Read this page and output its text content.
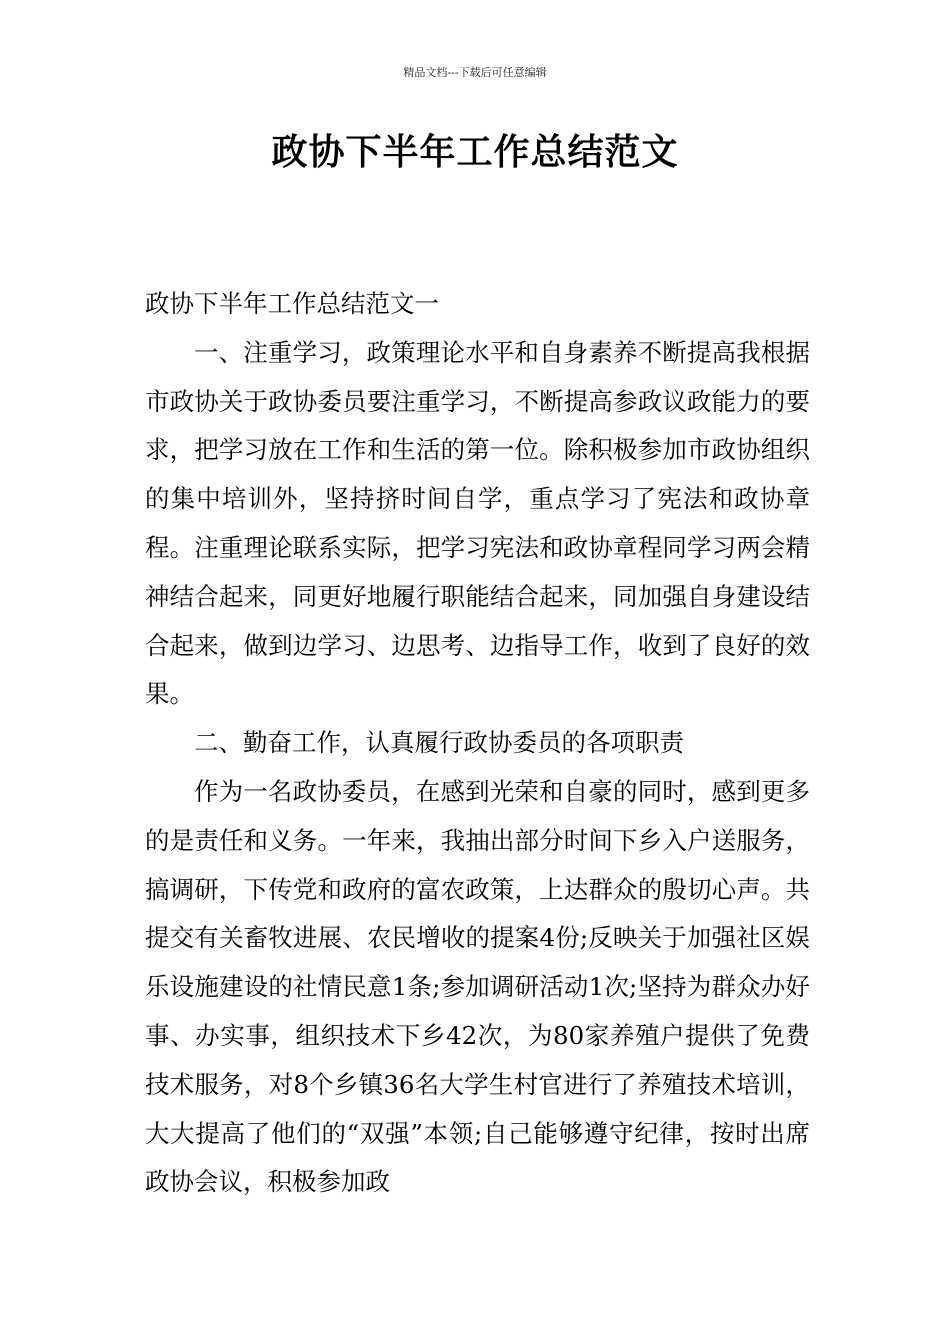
精品文档---下载后可任意编辑
政协下半年工作总结范文

政协下半年工作总结范文一

一、注重学习，政策理论水平和自身素养不断提高我根据市政协关于政协委员要注重学习，不断提高参政议政能力的要求，把学习放在工作和生活的第一位。除积极参加市政协组织的集中培训外，坚持挤时间自学，重点学习了宪法和政协章程。注重理论联系实际，把学习宪法和政协章程同学习两会精神结合起来，同更好地履行职能结合起来，同加强自身建设结合起来，做到边学习、边思考、边指导工作，收到了良好的效果。

二、勤奋工作，认真履行政协委员的各项职责

作为一名政协委员，在感到光荣和自豪的同时，感到更多的是责任和义务。一年来，我抽出部分时间下乡入户送服务，搞调研，下传党和政府的富农政策，上达群众的殷切心声。共提交有关畜牧进展、农民增收的提案4份;反映关于加强社区娱乐设施建设的社情民意1条;参加调研活动1次;坚持为群众办好事、办实事，组织技术下乡42次，为80家养殖户提供了免费技术服务，对8个乡镇36名大学生村官进行了养殖技术培训，大大提高了他们的“双强”本领;自己能够遵守纪律，按时出席政协会议，积极参加政
